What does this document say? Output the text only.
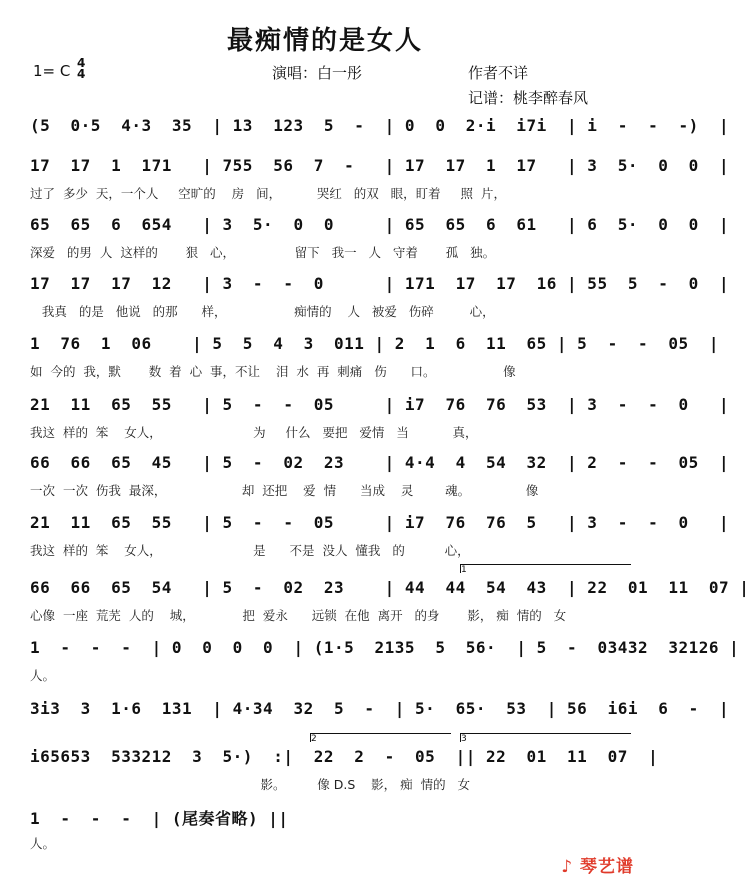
最痴情的是女人
1= C 4
4	演唱：白一彤	作者不详
记谱：桃李醉春风
(5  0·5  4·3  35  | 13  123  5  -  | 0  0  2·i  i7i  | i  -  -  -)  |
17  17  1  171   | 755  56  7  -   | 17  17  1  17   | 3  5·  0  0  |
过了  多少  天，一个人     空旷的    房   间，         哭红   的双   眼，盯着     照  片，
65  65  6  654   | 3  5·  0  0     | 65  65  6  61   | 6  5·  0  0  |
深爱   的男  人  这样的       狠   心，               留下   我一   人   守着       孤   独。
17  17  17  12   | 3  -  -  0      | 171  17  17  16 | 55  5  -  0  |
我真   的是   他说   的那      样，                 痴情的    人   被爱   伤碎         心，
1  76  1  06    | 5  5  4  3  011 | 2  1  6  11  65 | 5  -  -  05  |
如  今的  我，默       数  着  心  事，不让    泪  水  再  刺痛   伤      口。                 像
21  11  65  55   | 5  -  -  05     | i7  76  76  53  | 3  -  -  0   |
我这  样的  笨    女人，                       为     什么   要把   爱情   当           真，
66  66  65  45   | 5  -  02  23    | 4·4  4  54  32  | 2  -  -  05  |
一次  一次  伤我  最深，                   却  还把    爱  情      当成    灵        魂。              像
21  11  65  55   | 5  -  -  05     | i7  76  76  5   | 3  -  -  0   |
我这  样的  笨    女人，                       是      不是  没人  懂我   的          心，
66  66  65  54   | 5  -  02  23    | 44  44  54  43  | 22  01  11  07 |
心像  一座  荒芜  人的    城，            把  爱永      远锁  在他  离开   的身       影， 痴  情的   女
1
1  -  -  -  | 0  0  0  0  | (1·5  2135  5  56·  | 5  -  03432  32126 |
人。
3i3  3  1·6  131  | 4·34  32  5  -  | 5·  65·  53  | 56  i6i  6  -  |
i65653  533212  3  5·)  :|  22  2  -  05  || 22  01  11  07  |
影。        像 D.S    影， 痴  情的   女
2	3
1  -  -  -  | (尾奏省略) ||
人。
♪ 琴艺谱
